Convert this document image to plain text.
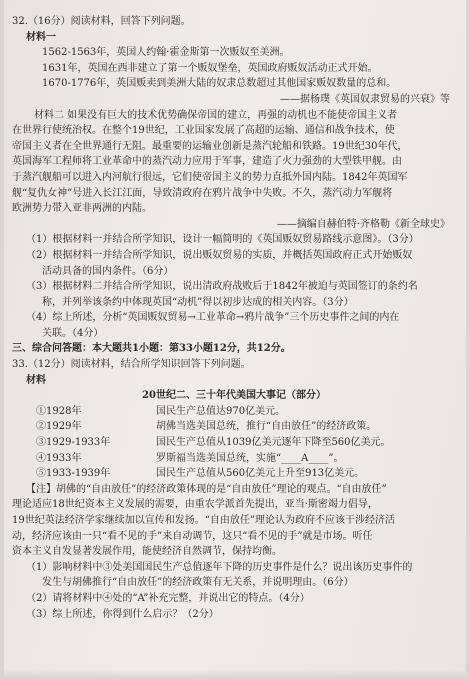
32.（16分）阅读材料，回答下列问题。
材料一
1562-1563年，英国人约翰·霍金斯第一次贩奴至美洲。
1631年，英国在西非建立了第一个贩奴堡垒，英国政府贩奴活动正式开始。
1670-1776年，英国贩卖到美洲大陆的奴隶总数超过其他国家贩奴数量的总和。
——据杨璞《英国奴隶贸易的兴衰》等
材料二 如果没有巨大的技术优势确保帝国的建立，再强的动机也不能使帝国主义者
在世界行使统治权。在整个19世纪，工业国家发展了高超的运输、通信和战争技术，使
帝国主义者在全世界通行无阻。最重要的运输业创新是蒸汽轮船和铁路。19世纪30年代，
英国海军工程师将工业革命中的蒸汽动力应用于军事，建造了火力强劲的大型铁甲舰。由
于蒸汽舰船可以进入内河航行很远，它们使帝国主义的势力直抵外国内陆。1842年英国军
舰“复仇女神”号进入长江江面，导致清政府在鸦片战争中失败。不久，蒸汽动力军舰将
欧洲势力带入亚非两洲的内陆。
——摘编自赫伯特·齐格勒《新全球史》
（1）根据材料一并结合所学知识，设计一幅简明的《英国贩奴贸易路线示意图》。（3分）
（2）根据材料一并结合所学知识，说出贩奴贸易的实质，并概括英国政府正式开始贩奴
活动具备的国内条件。（6分）
（3）根据材料二并结合所学知识，说出清政府战败后于1842年被迫与英国签订的条约名
称，并列举该条约中体现英国“动机”得以初步达成的相关内容。（3分）
（4）综上所述，分析“英国贩奴贸易→工业革命→鸦片战争”三个历史事件之间的内在
关联。（4分）
三、综合问答题：本大题共1小题：第33小题12分，共12分。
33.（12分）阅读材料，结合所学知识回答下列问题。
材料
20世纪二、三十年代美国大事记（部分）
①1928年	国民生产总值达970亿美元。
②1929年	胡佛当选美国总统，推行“自由放任”的经济政策。
③1929-1933年	国民生产总值从1039亿美元逐年下降至560亿美元。
④1933年	罗斯福当选美国总统，实施“____A____”。
⑤1933-1939年	国民生产总值从560亿美元上升至913亿美元。
【注】胡佛的“自由放任”的经济政策体现的是“自由放任”理论的观点。“自由放任”
理论适应18世纪资本主义发展的需要，由重农学派首先提出，亚当·斯密竭力倡导，
19世纪英法经济学家继续加以宣传和发扬。“自由放任”理论认为政府不应该干涉经济活
动，经济应该由一只“看不见的手”来自动调节，这只“看不见的手”就是市场。听任
资本主义自发显著发展作用，能使经济自然调节，保持均衡。
（1）影响材料中③处美国国民生产总值逐年下降的历史事件是什么？说出该历史事件的
发生与胡佛推行“自由放任”的经济政策有无关系，并说明理由。（6分）
（2）请将材料中④处的“A”补充完整，并说出它的特点。（4分）
（3）综上所述，你得到什么启示？（2分）
